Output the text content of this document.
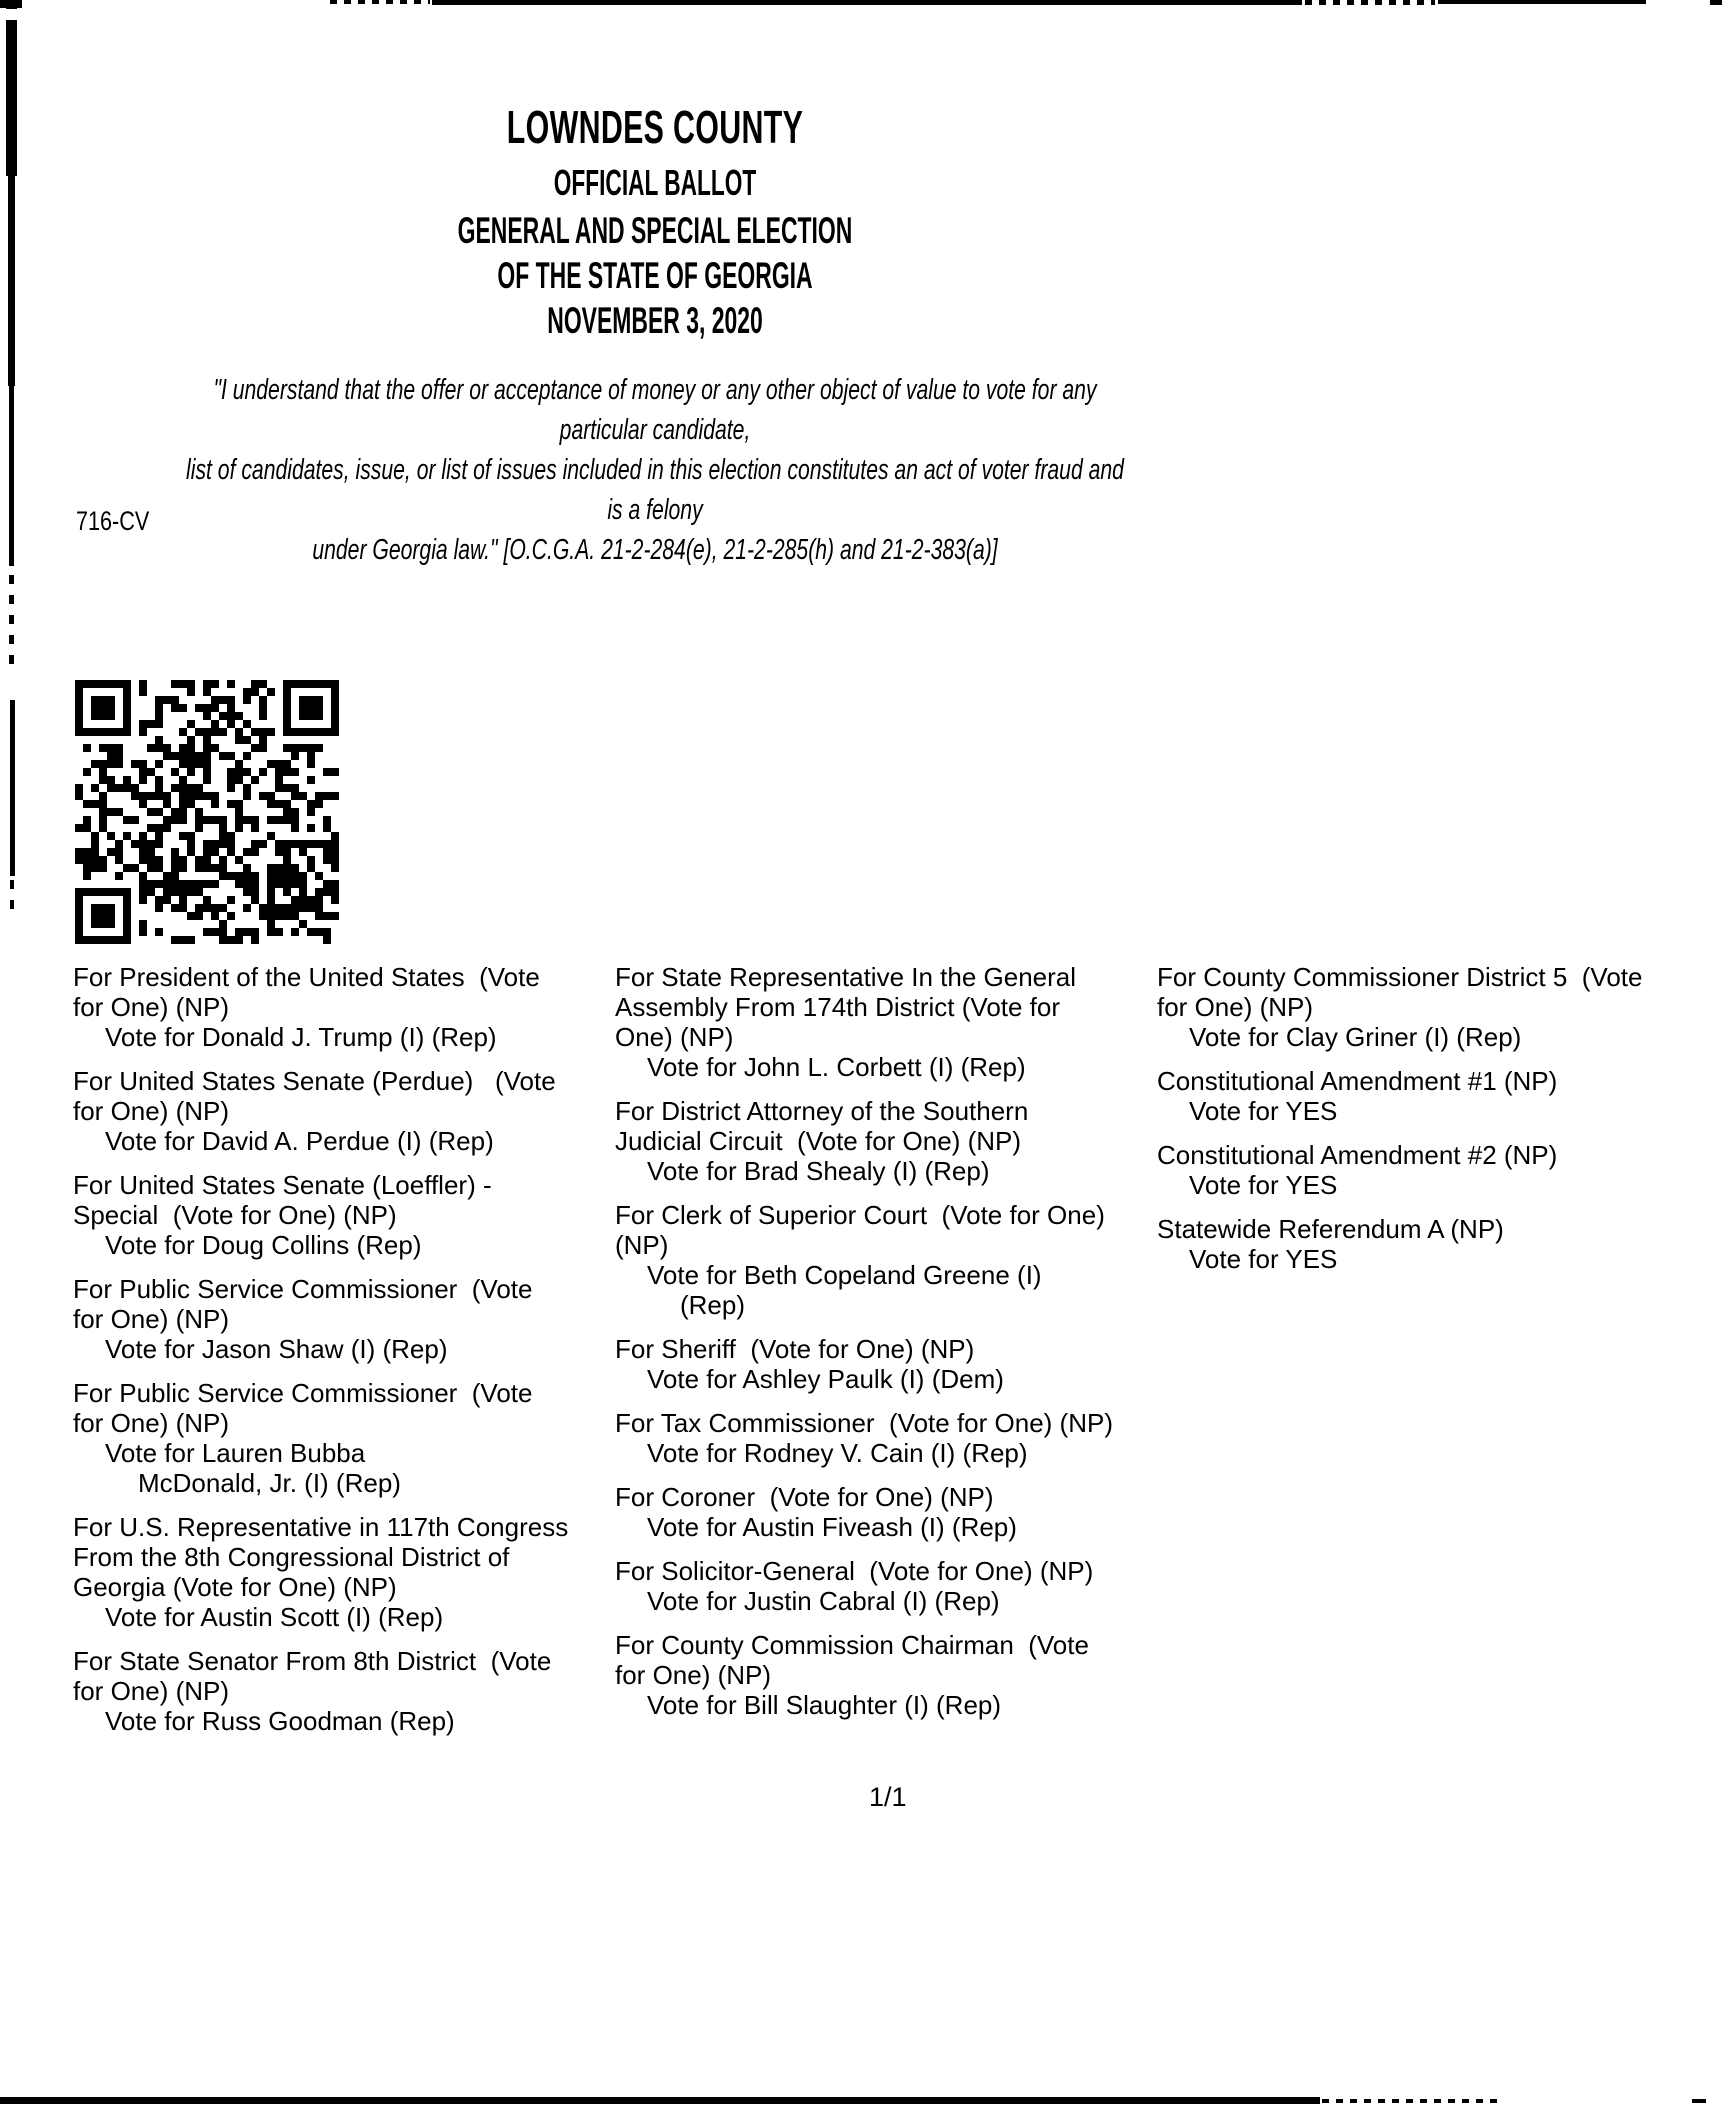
LOWNDES COUNTY
OFFICIAL BALLOT
GENERAL AND SPECIAL ELECTION
OF THE STATE OF GEORGIA
NOVEMBER 3, 2020
"I understand that the offer or acceptance of money or any other object of value to vote for any particular candidate,
list of candidates, issue, or list of issues included in this election constitutes an act of voter fraud and is a felony
under Georgia law." [O.C.G.A. 21-2-284(e), 21-2-285(h) and 21-2-383(a)]
716-CV
For President of the United States  (Vote
for One) (NP)
Vote for Donald J. Trump (I) (Rep)
For United States Senate (Perdue)   (Vote
for One) (NP)
Vote for David A. Perdue (I) (Rep)
For United States Senate (Loeffler) -
Special  (Vote for One) (NP)
Vote for Doug Collins (Rep)
For Public Service Commissioner  (Vote
for One) (NP)
Vote for Jason Shaw (I) (Rep)
For Public Service Commissioner  (Vote
for One) (NP)
Vote for Lauren Bubba
McDonald, Jr. (I) (Rep)
For U.S. Representative in 117th Congress
From the 8th Congressional District of
Georgia (Vote for One) (NP)
Vote for Austin Scott (I) (Rep)
For State Senator From 8th District  (Vote
for One) (NP)
Vote for Russ Goodman (Rep)
For State Representative In the General
Assembly From 174th District (Vote for
One) (NP)
Vote for John L. Corbett (I) (Rep)
For District Attorney of the Southern
Judicial Circuit  (Vote for One) (NP)
Vote for Brad Shealy (I) (Rep)
For Clerk of Superior Court  (Vote for One)
(NP)
Vote for Beth Copeland Greene (I)
(Rep)
For Sheriff  (Vote for One) (NP)
Vote for Ashley Paulk (I) (Dem)
For Tax Commissioner  (Vote for One) (NP)
Vote for Rodney V. Cain (I) (Rep)
For Coroner  (Vote for One) (NP)
Vote for Austin Fiveash (I) (Rep)
For Solicitor-General  (Vote for One) (NP)
Vote for Justin Cabral (I) (Rep)
For County Commission Chairman  (Vote
for One) (NP)
Vote for Bill Slaughter (I) (Rep)
For County Commissioner District 5  (Vote
for One) (NP)
Vote for Clay Griner (I) (Rep)
Constitutional Amendment #1 (NP)
Vote for YES
Constitutional Amendment #2 (NP)
Vote for YES
Statewide Referendum A (NP)
Vote for YES
1/1
